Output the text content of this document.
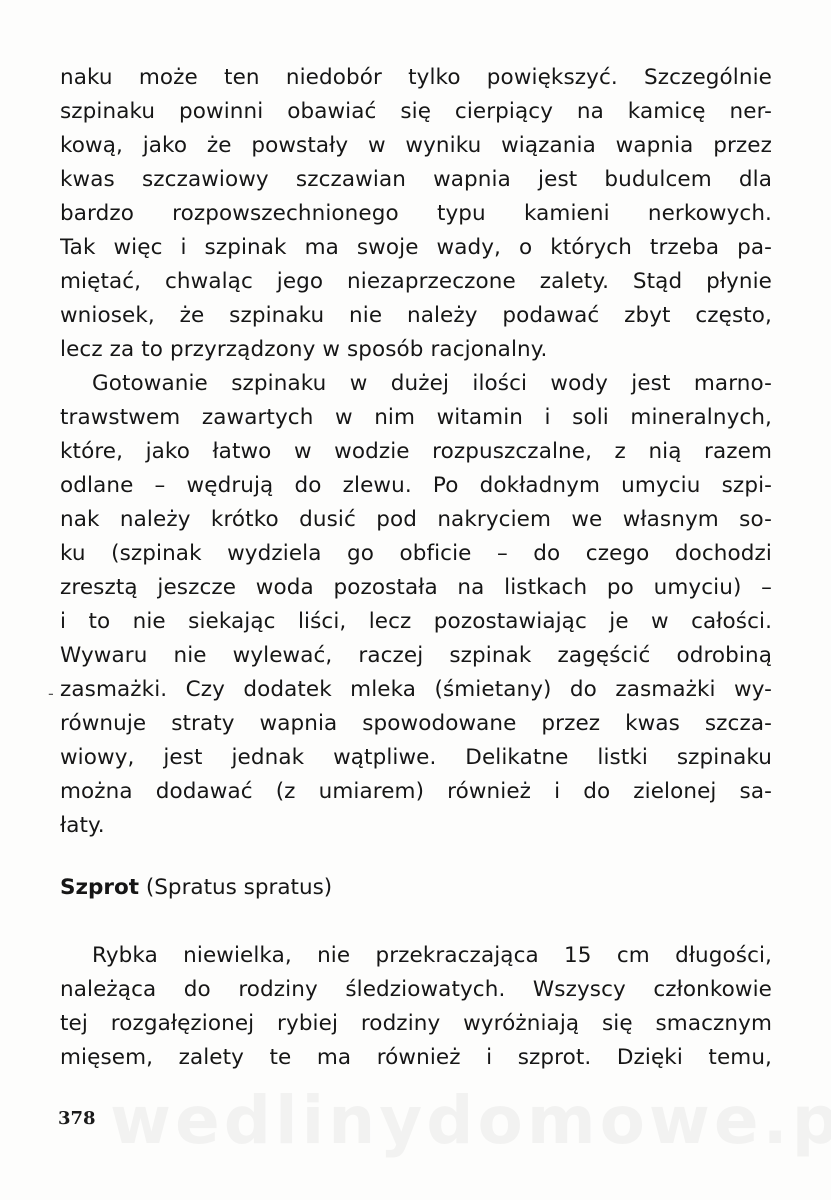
naku może ten niedobór tylko powiększyć. Szczególnie
szpinaku powinni obawiać się cierpiący na kamicę ner-
kową, jako że powstały w wyniku wiązania wapnia przez
kwas szczawiowy szczawian wapnia jest budulcem dla
bardzo rozpowszechnionego typu kamieni nerkowych.
Tak więc i szpinak ma swoje wady, o których trzeba pa-
miętać, chwaląc jego niezaprzeczone zalety. Stąd płynie
wniosek, że szpinaku nie należy podawać zbyt często,
lecz za to przyrządzony w sposób racjonalny.
Gotowanie szpinaku w dużej ilości wody jest marno-
trawstwem zawartych w nim witamin i soli mineralnych,
które, jako łatwo w wodzie rozpuszczalne, z nią razem
odlane – wędrują do zlewu. Po dokładnym umyciu szpi-
nak należy krótko dusić pod nakryciem we własnym so-
ku (szpinak wydziela go obficie – do czego dochodzi
zresztą jeszcze woda pozostała na listkach po umyciu) –
i to nie siekając liści, lecz pozostawiając je w całości.
Wywaru nie wylewać, raczej szpinak zagęścić odrobiną
zasmażki. Czy dodatek mleka (śmietany) do zasmażki wy-
równuje straty wapnia spowodowane przez kwas szcza-
wiowy, jest jednak wątpliwe. Delikatne listki szpinaku
można dodawać (z umiarem) również i do zielonej sa-
łaty.
-
Szprot (Spratus spratus)
Rybka niewielka, nie przekraczająca 15 cm długości,
należąca do rodziny śledziowatych. Wszyscy członkowie
tej rozgałęzionej rybiej rodziny wyróżniają się smacznym
mięsem, zalety te ma również i szprot. Dzięki temu,
378
